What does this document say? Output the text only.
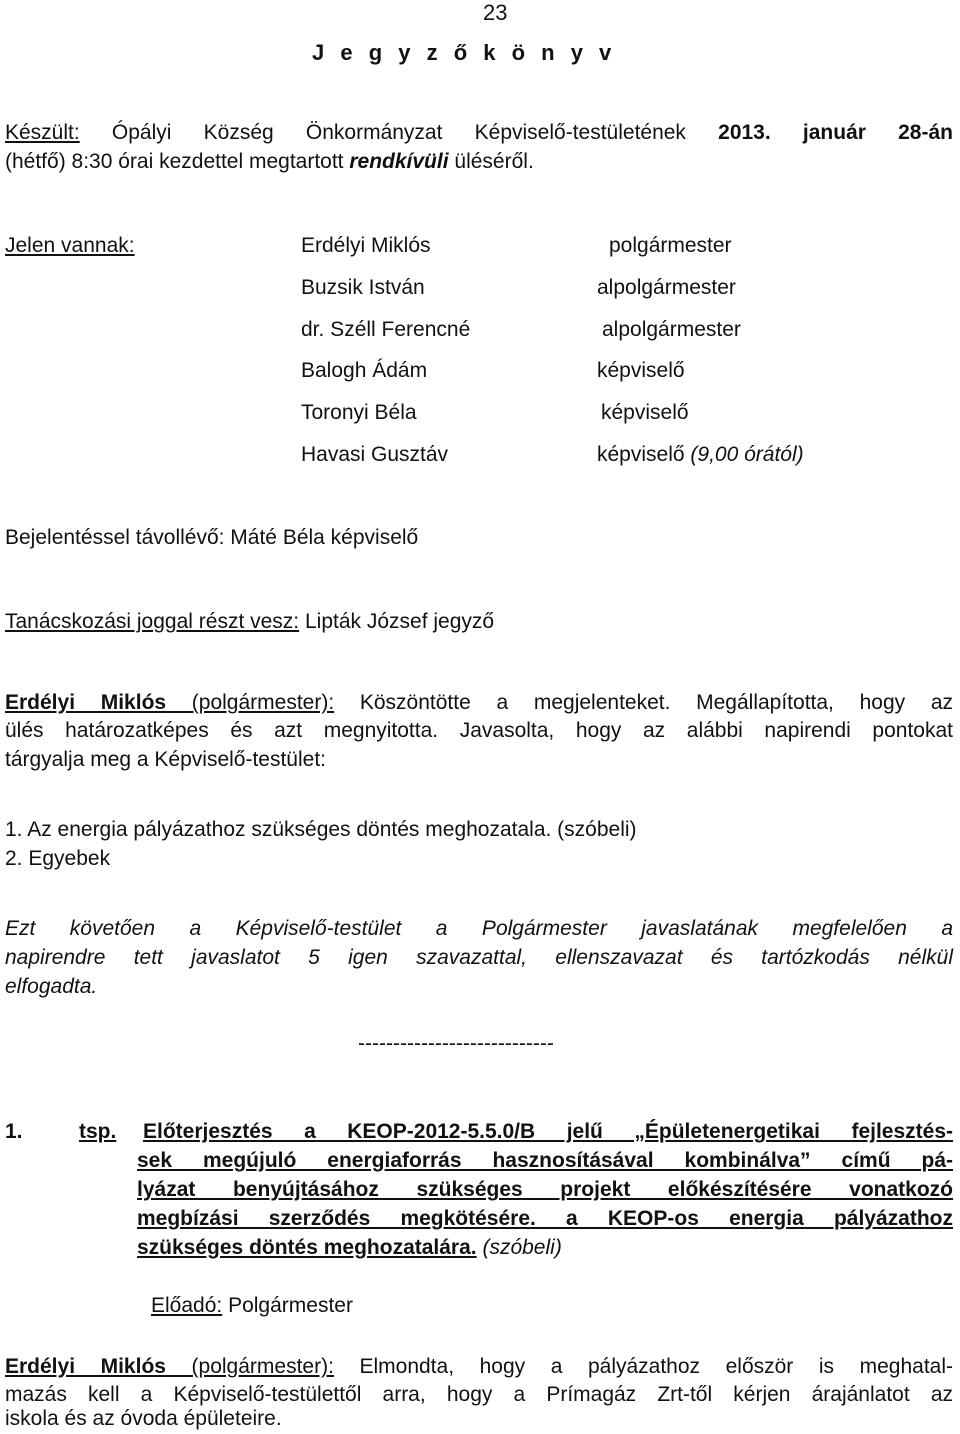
23
J e g y z ő k ö n y v
Készült: Ópályi Község Önkormányzat Képviselő-testületének 2013. január 28-án
(hétfő) 8:30 órai kezdettel megtartott rendkívüli üléséről.
Jelen vannak:	Erdélyi Miklós	polgármester
Buzsik István	alpolgármester
dr. Széll Ferencné	alpolgármester
Balogh Ádám	képviselő
Toronyi Béla	képviselő
Havasi Gusztáv	képviselő (9,00 órától)
Bejelentéssel távollévő: Máté Béla képviselő
Tanácskozási joggal részt vesz: Lipták József jegyző
Erdélyi Miklós (polgármester): Köszöntötte a megjelenteket. Megállapította, hogy az
ülés határozatképes és azt megnyitotta. Javasolta, hogy az alábbi napirendi pontokat
tárgyalja meg a Képviselő-testület:
1. Az energia pályázathoz szükséges döntés meghozatala. (szóbeli)
2. Egyebek
Ezt követően a Képviselő-testület a Polgármester javaslatának megfelelően a
napirendre tett javaslatot 5 igen szavazattal, ellenszavazat és tartózkodás nélkül
elfogadta.
----------------------------
1.	tsp. Előterjesztés a KEOP-2012-5.5.0/B jelű „Épületenergetikai fejlesztés-
sek megújuló energiaforrás hasznosításával kombinálva” című pá-
lyázat benyújtásához szükséges projekt előkészítésére vonatkozó
megbízási szerződés megkötésére. a KEOP-os energia pályázathoz
szükséges döntés meghozatalára. (szóbeli)
Előadó: Polgármester
Erdélyi Miklós (polgármester): Elmondta, hogy a pályázathoz először is meghatal-
mazás kell a Képviselő-testülettől arra, hogy a Prímagáz Zrt-től kérjen árajánlatot az
iskola és az óvoda épületeire.
